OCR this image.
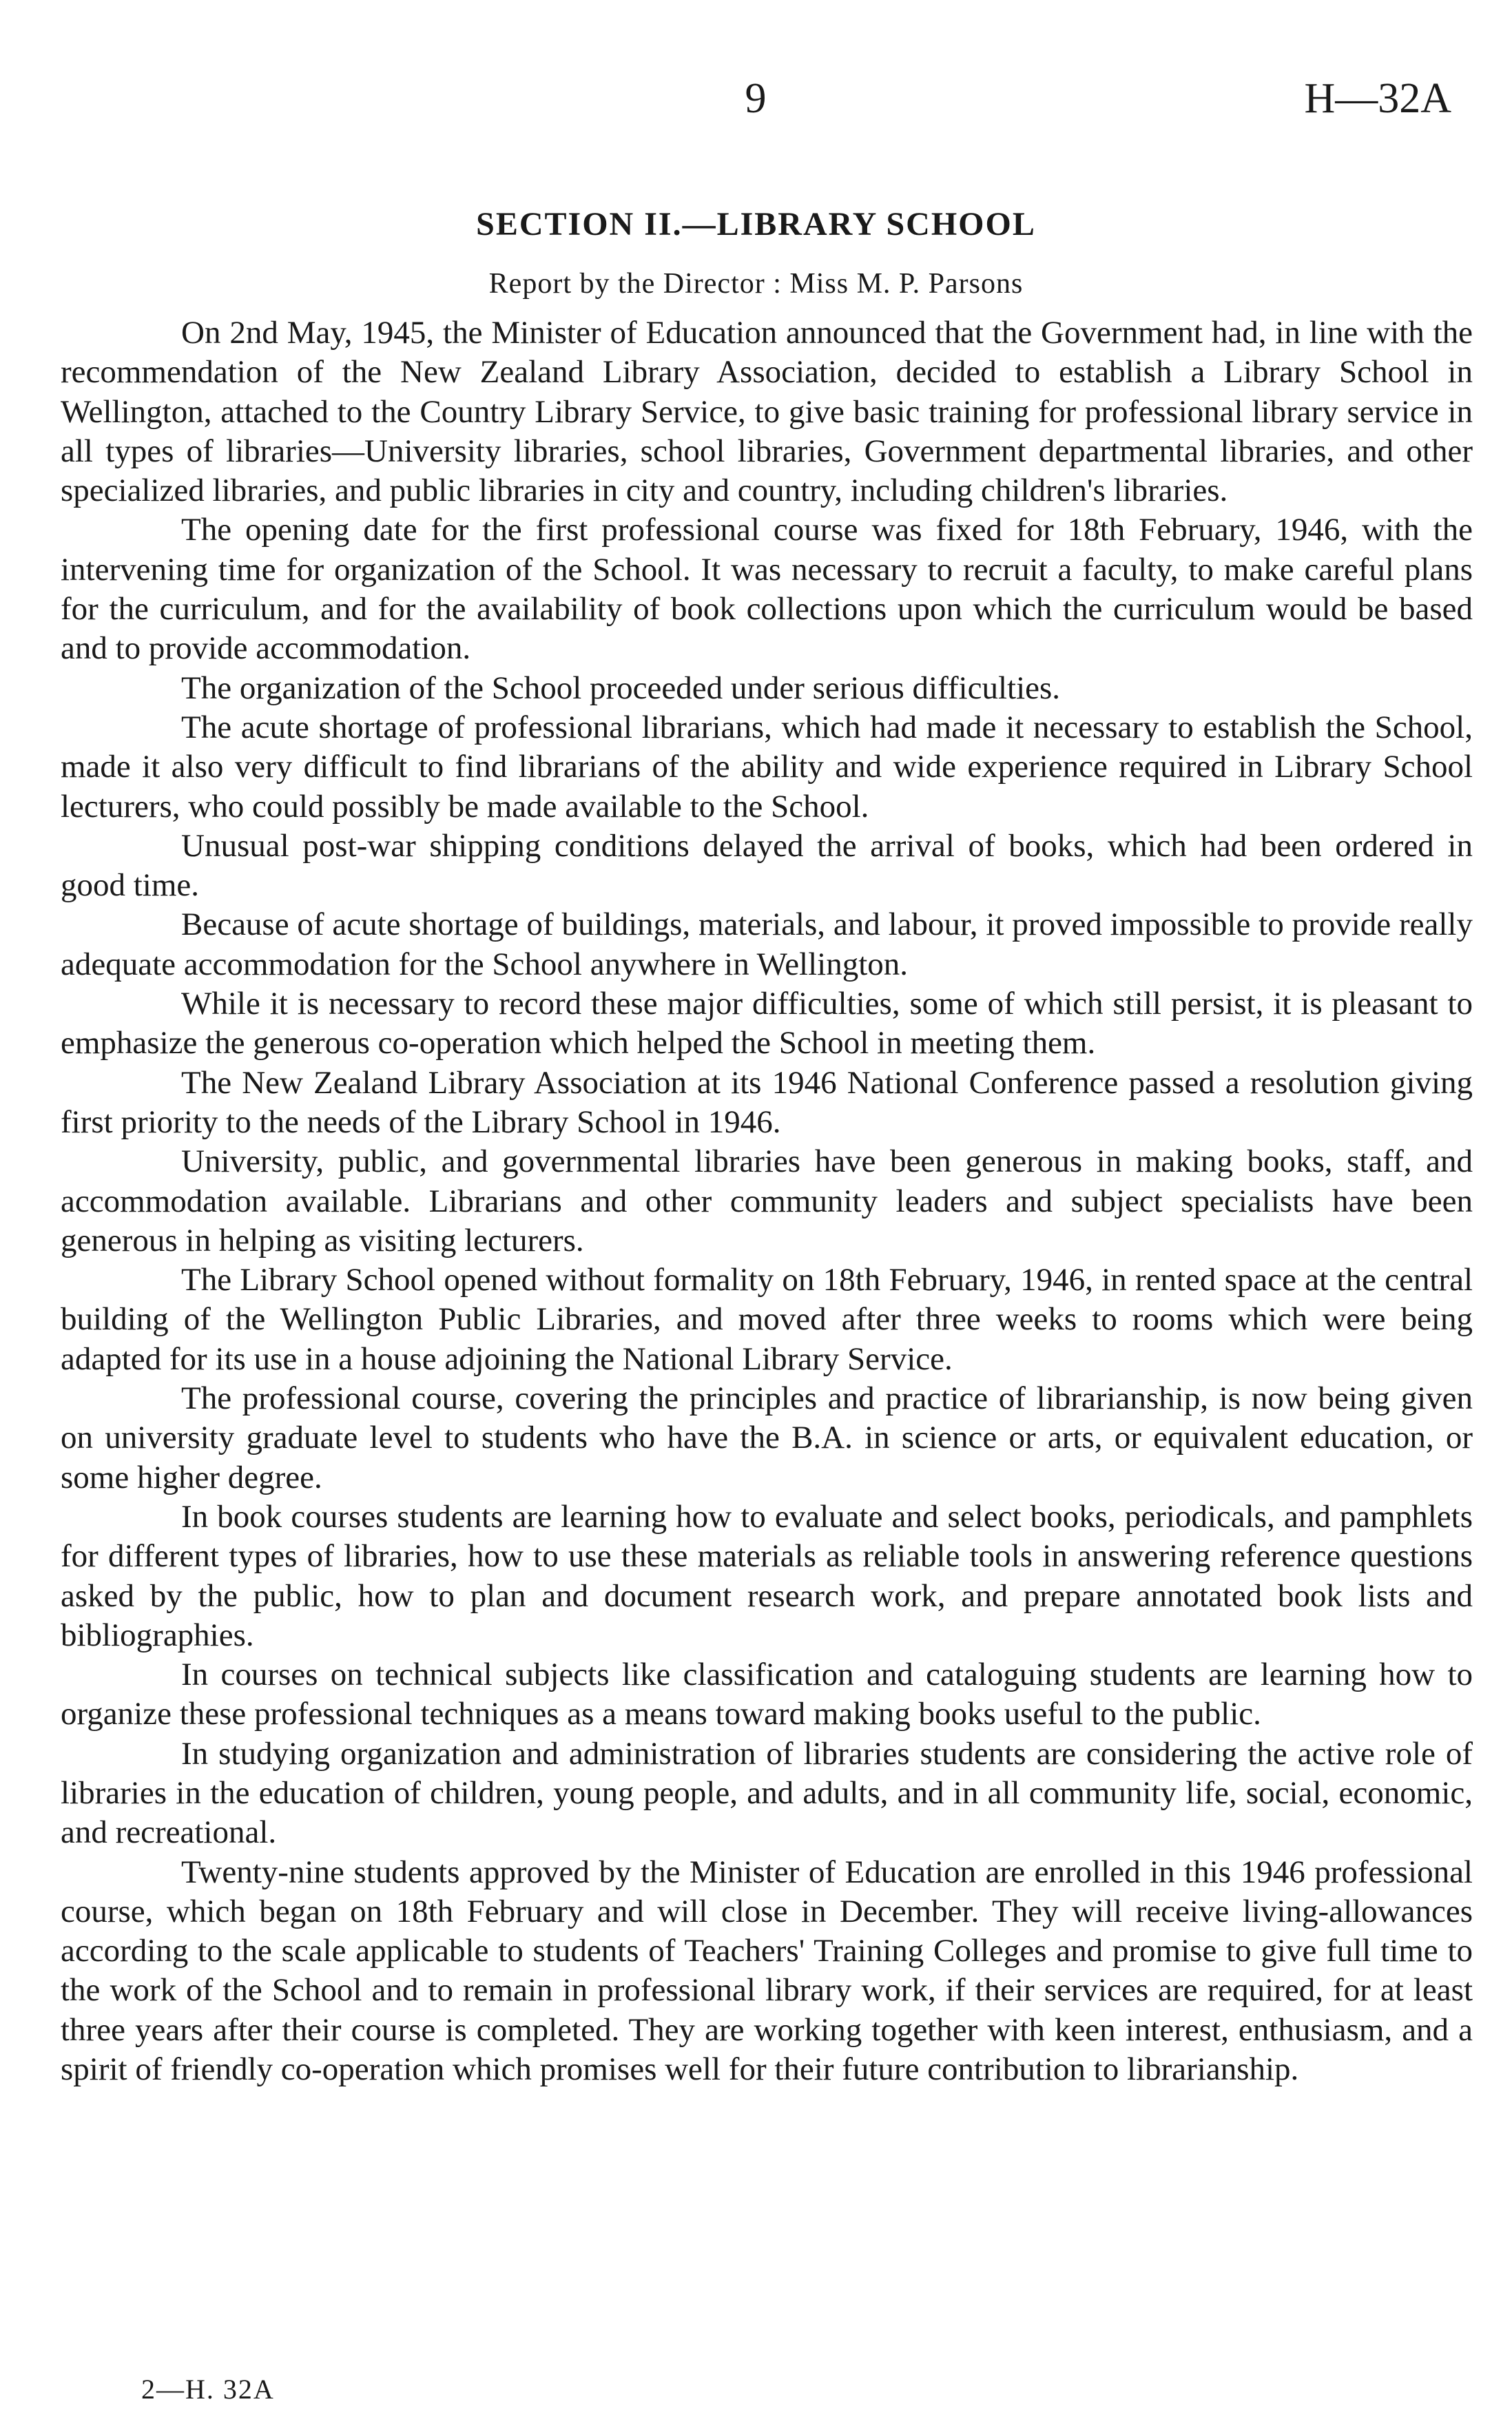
9	H—32A
SECTION II.—LIBRARY SCHOOL
Report by the Director : Miss M. P. Parsons

On 2nd May, 1945, the Minister of Education announced that the Government had, in line with the recommendation of the New Zealand Library Association, decided to establish a Library School in Wellington, attached to the Country Library Service, to give basic training for professional library service in all types of libraries—University libraries, school libraries, Government departmental libraries, and other specialized libraries, and public libraries in city and country, including children's libraries.

The opening date for the first professional course was fixed for 18th February, 1946, with the intervening time for organization of the School. It was necessary to recruit a faculty, to make careful plans for the curriculum, and for the availability of book collections upon which the curriculum would be based and to provide accommodation.

The organization of the School proceeded under serious difficulties.

The acute shortage of professional librarians, which had made it necessary to establish the School, made it also very difficult to find librarians of the ability and wide experience required in Library School lecturers, who could possibly be made available to the School.

Unusual post-war shipping conditions delayed the arrival of books, which had been ordered in good time.

Because of acute shortage of buildings, materials, and labour, it proved impossible to provide really adequate accommodation for the School anywhere in Wellington.

While it is necessary to record these major difficulties, some of which still persist, it is pleasant to emphasize the generous co-operation which helped the School in meeting them.

The New Zealand Library Association at its 1946 National Conference passed a resolution giving first priority to the needs of the Library School in 1946.

University, public, and governmental libraries have been generous in making books, staff, and accommodation available. Librarians and other community leaders and subject specialists have been generous in helping as visiting lecturers.

The Library School opened without formality on 18th February, 1946, in rented space at the central building of the Wellington Public Libraries, and moved after three weeks to rooms which were being adapted for its use in a house adjoining the National Library Service.

The professional course, covering the principles and practice of librarianship, is now being given on university graduate level to students who have the B.A. in science or arts, or equivalent education, or some higher degree.

In book courses students are learning how to evaluate and select books, periodicals, and pamphlets for different types of libraries, how to use these materials as reliable tools in answering reference questions asked by the public, how to plan and document research work, and prepare annotated book lists and bibliographies.

In courses on technical subjects like classification and cataloguing students are learning how to organize these professional techniques as a means toward making books useful to the public.

In studying organization and administration of libraries students are considering the active role of libraries in the education of children, young people, and adults, and in all community life, social, economic, and recreational.

Twenty-nine students approved by the Minister of Education are enrolled in this 1946 professional course, which began on 18th February and will close in December. They will receive living-allowances according to the scale applicable to students of Teachers' Training Colleges and promise to give full time to the work of the School and to remain in professional library work, if their services are required, for at least three years after their course is completed. They are working together with keen interest, enthusiasm, and a spirit of friendly co-operation which promises well for their future contribution to librarianship.

2—H. 32A
